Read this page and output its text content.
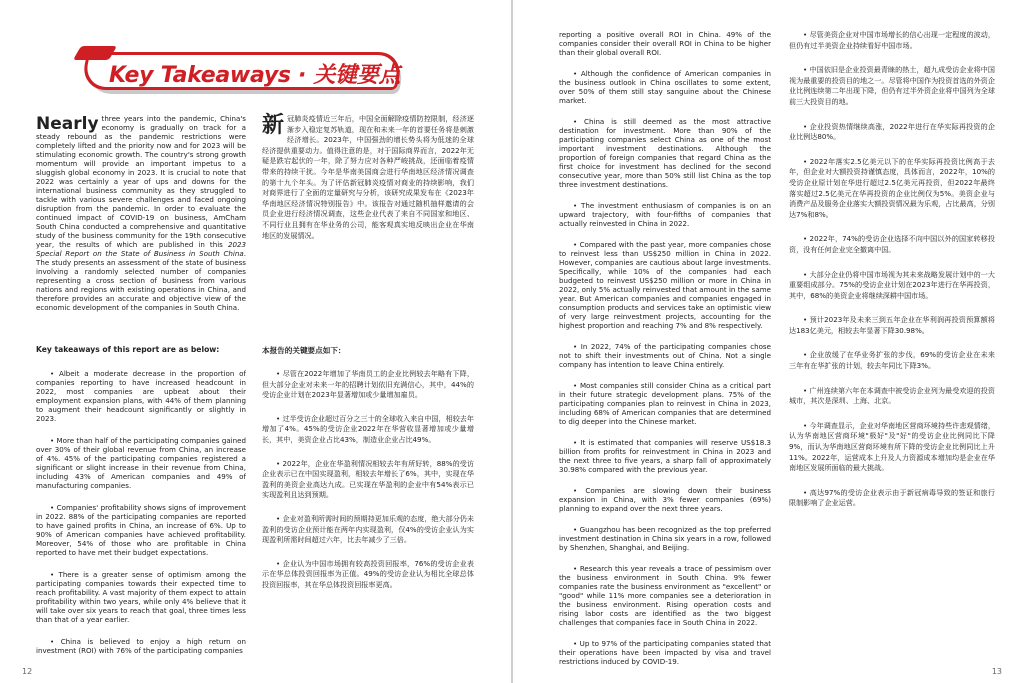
Key Takeaways · 关键要点

Nearly three years into the pandemic, China's economy is gradually on track for a steady rebound as the pandemic restrictions were completely lifted and the priority now and for 2023 will be stimulating economic growth. The country's strong growth momentum will provide an important impetus to a sluggish global economy in 2023. It is crucial to note that 2022 was certainly a year of ups and downs for the international business community as they struggled to tackle with various severe challenges and faced ongoing disruption from the pandemic. In order to evaluate the continued impact of COVID-19 on business, AmCham South China conducted a comprehensive and quantitative study of the business community for the 19th consecutive year, the results of which are published in this 2023 Special Report on the State of Business in South China. The study presents an assessment of the state of business involving a randomly selected number of companies representing a cross section of business from various nations and regions with existing operations in China, and therefore provides an accurate and objective view of the economic development of the companies in South China.

新冠肺炎疫情近三年后，中国全面解除疫情防控限制，经济逐渐步入稳定复苏轨道，现在和未来一年的首要任务将是刺激经济增长。2023年，中国强劲的增长势头将为低迷的全球经济提供重要动力。值得注意的是，对于国际商界而言，2022年无疑是跌宕起伏的一年，除了努力应对各种严峻挑战，还面临着疫情带来的持续干扰。今年是华南美国商会进行华南地区经济情况调查的第十九个年头。为了评估新冠肺炎疫情对商业的持续影响，我们对商界进行了全面的定量研究与分析，该研究成果发布在《2023年华南地区经济情况特别报告》中。该报告对通过随机抽样邀请的会员企业进行经济情况调查，这些企业代表了来自不同国家和地区、不同行业且拥有在华业务的公司，能客观真实地反映出企业在华南地区的发展情况。

Key takeaways of this report are as below:	本报告的关键要点如下：

• Albeit a moderate decrease in the proportion of companies reporting to have increased headcount in 2022, most companies are upbeat about their employment expansion plans, with 44% of them planning to augment their headcount significantly or slightly in 2023.

• More than half of the participating companies gained over 30% of their global revenue from China, an increase of 4%. 45% of the participating companies registered a significant or slight increase in their revenue from China, including 43% of American companies and 49% of manufacturing companies.

• Companies' profitability shows signs of improvement in 2022. 88% of the participating companies are reported to have gained profits in China, an increase of 6%. Up to 90% of American companies have achieved profitability. Moreover, 54% of those who are profitable in China reported to have met their budget expectations.

• There is a greater sense of optimism among the participating companies towards their expected time to reach profitability. A vast majority of them expect to attain profitability within two years, while only 4% believe that it will take over six years to reach that goal, three times less than that of a year earlier.

• China is believed to enjoy a high return on investment (ROI) with 76% of the participating companies

• 尽管在2022年增加了华南员工的企业比例较去年略有下降，但大部分企业对未来一年的招聘计划依旧充满信心，其中，44%的受访企业计划在2023年显著增加或少量增加雇员。

• 过半受访企业超过百分之三十的全球收入来自中国，相较去年增加了4%。45%的受访企业2022年在华营收显著增加或少量增长，其中，美资企业占比43%，制造业企业占比49%。

• 2022年，企业在华盈利情况相较去年有所好转，88%的受访企业表示已在中国实现盈利，相较去年增长了6%，其中，实现在华盈利的美资企业高达九成。已实现在华盈利的企业中有54%表示已实现盈利且达到预期。

• 企业对盈利所需时间的预期持更加乐观的态度，绝大部分仍未盈利的受访企业预计能在两年内实现盈利，仅4%的受访企业认为实现盈利所需时间超过六年，比去年减少了三倍。

• 企业认为中国市场拥有较高投资回报率，76%的受访企业表示在华总体投资回报率为正值。49%的受访企业认为相比全球总体投资回报率，其在华总体投资回报率更高。

12

reporting a positive overall ROI in China. 49% of the companies consider their overall ROI in China to be higher than their global overall ROI.

• Although the confidence of American companies in the business outlook in China oscillates to some extent, over 50% of them still stay sanguine about the Chinese market.

• China is still deemed as the most attractive destination for investment. More than 90% of the participating companies select China as one of the most important investment destinations. Although the proportion of foreign companies that regard China as the first choice for investment has declined for the second consecutive year, more than 50% still list China as the top three investment destinations.

• The investment enthusiasm of companies is on an upward trajectory, with four-fifths of companies that actually reinvested in China in 2022.

• Compared with the past year, more companies chose to reinvest less than US$250 million in China in 2022. However, companies are cautious about large investments. Specifically, while 10% of the companies had each budgeted to reinvest US$250 million or more in China in 2022, only 5% actually reinvested that amount in the same year. But American companies and companies engaged in consumption products and services take an optimistic view of very large reinvestment projects, accounting for the highest proportion and reaching 7% and 8% respectively.

• In 2022, 74% of the participating companies chose not to shift their investments out of China. Not a single company has intention to leave China entirely.

• Most companies still consider China as a critical part in their future strategic development plans. 75% of the participating companies plan to reinvest in China in 2023, including 68% of American companies that are determined to dig deeper into the Chinese market.

• It is estimated that companies will reserve US$18.3 billion from profits for reinvestment in China in 2023 and the next three to five years, a sharp fall of approximately 30.98% compared with the previous year.

• Companies are slowing down their business expansion in China, with 3% fewer companies (69%) planning to expand over the next three years.

• Guangzhou has been recognized as the top preferred investment destination in China six years in a row, followed by Shenzhen, Shanghai, and Beijing.

• Research this year reveals a trace of pessimism over the business environment in South China. 9% fewer companies rate the business environment as "excellent" or "good" while 11% more companies see a deterioration in the business environment. Rising operation costs and rising labor costs are identified as the two biggest challenges that companies face in South China in 2022.

• Up to 97% of the participating companies stated that their operations have been impacted by visa and travel restrictions induced by COVID-19.

• 尽管美资企业对中国市场增长的信心出现一定程度的波动，但仍有过半美资企业持续看好中国市场。

• 中国依旧是企业投资最青睐的热土，超九成受访企业将中国视为最重要的投资目的地之一。尽管将中国作为投资首选的外资企业比例连续第二年出现下降，但仍有过半外资企业将中国列为全球前三大投资目的地。

• 企业投资热情继续高涨，2022年进行在华实际再投资的企业比例达80%。

• 2022年落实2.5亿美元以下的在华实际再投资比例高于去年，但企业对大额投资持谨慎态度，具体而言，2022年，10%的受访企业原计划在华进行超过2.5亿美元再投资，但2022年最终落实超过2.5亿美元在华再投资的企业比例仅为5%。美资企业与消费产品及服务企业落实大额投资情况最为乐观，占比最高，分别达7%和8%。

• 2022年，74%的受访企业选择不向中国以外的国家转移投资，没有任何企业完全撤离中国。

• 大部分企业仍将中国市场视为其未来战略发展计划中的一大重要组成部分。75%的受访企业计划在2023年进行在华再投资，其中，68%的美资企业将继续深耕中国市场。

• 预计2023年及未来三到五年企业在华利润再投资预算额将达183亿美元，相较去年显著下降30.98%。

• 企业放缓了在华业务扩张的步伐，69%的受访企业在未来三年有在华扩张的计划，较去年同比下降3%。

• 广州连续第六年在本调查中被受访企业列为最受欢迎的投资城市，其次是深圳、上海、北京。

• 今年调查显示，企业对华南地区营商环境持些许悲观情绪，认为华南地区营商环境"极好"及"好"的受访企业比例同比下降9%，而认为华南地区营商环境有所下降的受访企业比例同比上升11%。2022年，运营成本上升及人力资源成本增加均是企业在华南地区发展所面临的最大挑战。

• 高达97%的受访企业表示由于新冠病毒导致的签证和旅行限制影响了企业运营。

13
